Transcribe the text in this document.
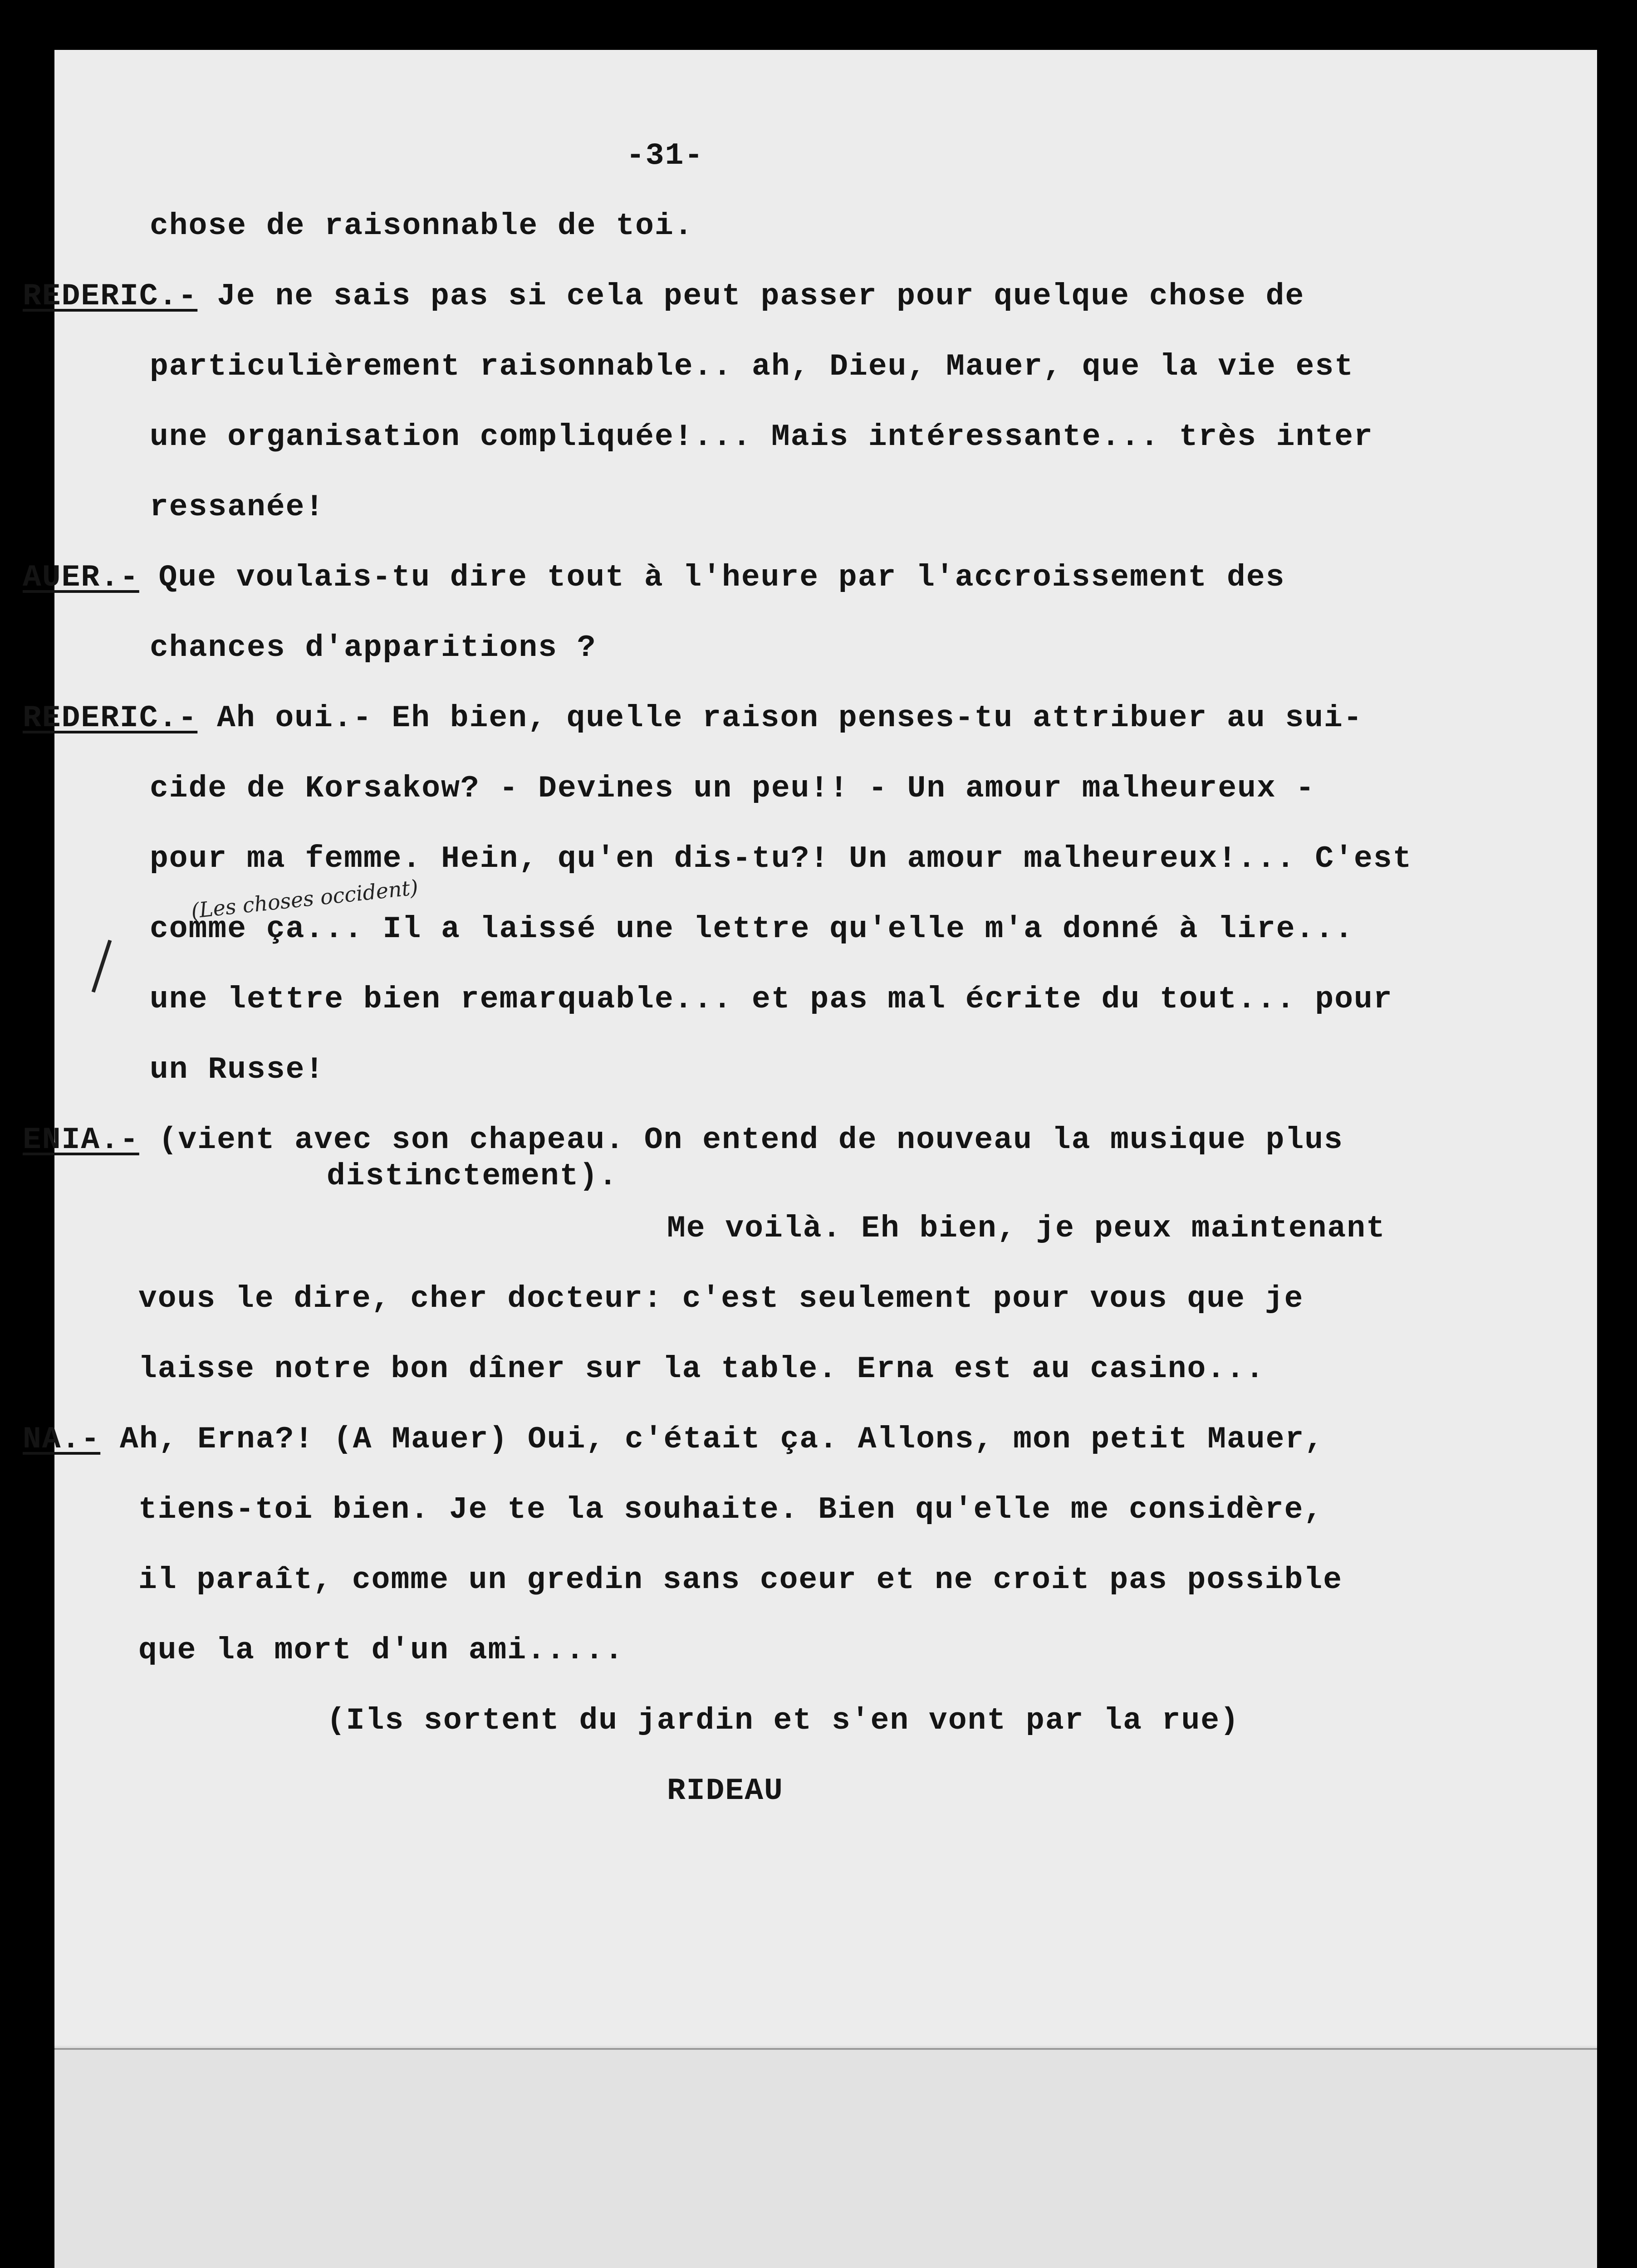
-31-
chose de raisonnable de toi.
REDERIC.- Je ne sais pas si cela peut passer pour quelque chose de
particulièrement raisonnable.. ah, Dieu, Mauer, que la vie est
une organisation compliquée!... Mais intéressante... très inter
ressanée!
AUER.- Que voulais-tu dire tout à l'heure par l'accroissement des
chances d'apparitions ?
REDERIC.- Ah oui.- Eh bien, quelle raison penses-tu attribuer au sui-
cide de Korsakow? - Devines un peu!! - Un amour malheureux -
pour ma femme. Hein, qu'en dis-tu?! Un amour malheureux!... C'est
comme ça... Il a laissé une lettre qu'elle m'a donné à lire...
une lettre bien remarquable... et pas mal écrite du tout... pour
un Russe!
ENIA.- (vient avec son chapeau. On entend de nouveau la musique plus
distinctement).
Me voilà. Eh bien, je peux maintenant
vous le dire, cher docteur: c'est seulement pour vous que je
laisse notre bon dîner sur la table. Erna est au casino...
NA.- Ah, Erna?! (A Mauer) Oui, c'était ça. Allons, mon petit Mauer,
tiens-toi bien. Je te la souhaite. Bien qu'elle me considère,
il paraît, comme un gredin sans coeur et ne croit pas possible
que la mort d'un ami.....
(Ils sortent du jardin et s'en vont par la rue)
RIDEAU
(Les choses occident)
